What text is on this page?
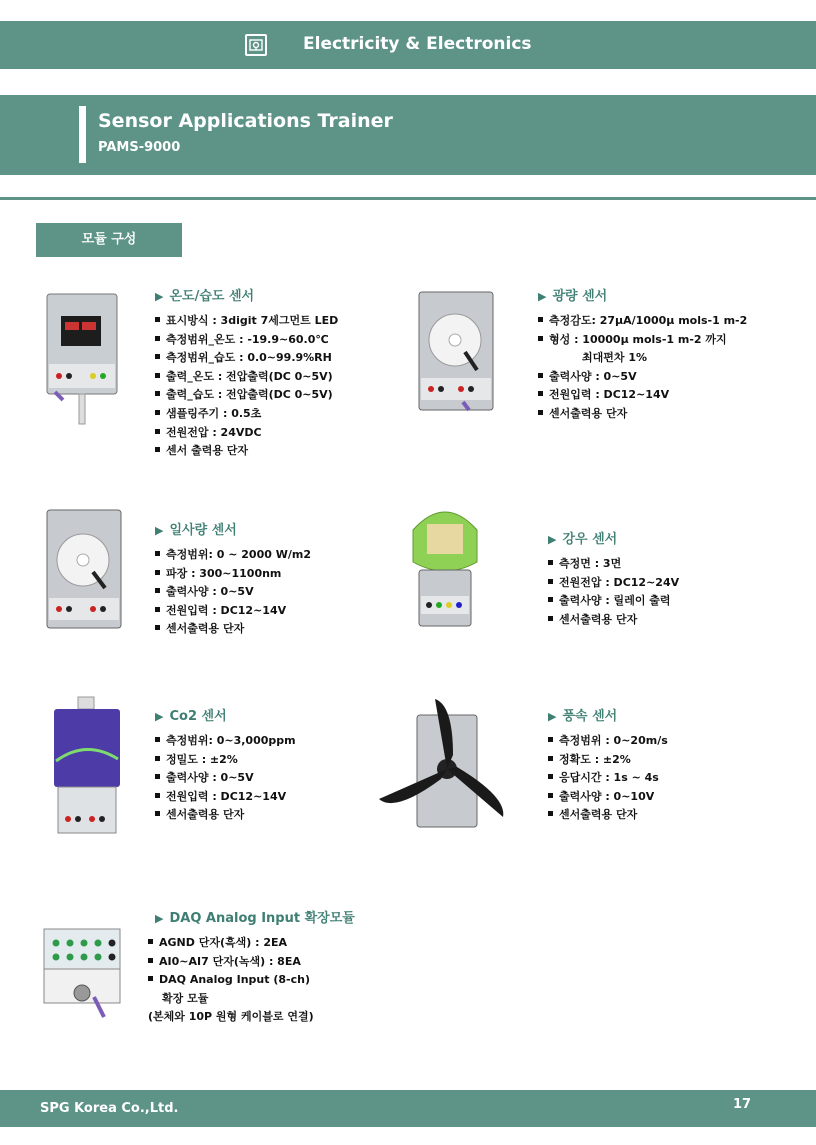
Electricity & Electronics
Sensor Applications Trainer
PAMS-9000
모듈 구성
▶ 온도/습도 센서
표시방식 : 3digit 7세그먼트 LED
측정범위_온도 : -19.9~60.0℃
측정범위_습도 : 0.0~99.9%RH
출력_온도 : 전압출력(DC 0~5V)
출력_습도 : 전압출력(DC 0~5V)
샘플링주기 : 0.5초
전원전압 : 24VDC
센서 출력용 단자
▶ 광량 센서
측정감도: 27μA/1000μ mols-1 m-2
형성 : 10000μ mols-1 m-2 까지
최대편차 1%
출력사양 : 0~5V
전원입력 : DC12~14V
센서출력용 단자
▶ 일사량 센서
측정범위: 0 ~ 2000 W/m2
파장 : 300~1100nm
출력사양 : 0~5V
전원입력 : DC12~14V
센서출력용 단자
▶ 강우 센서
측정면 : 3면
전원전압 : DC12~24V
출력사양 : 릴레이 출력
센서출력용 단자
▶ Co2 센서
측정범위: 0~3,000ppm
정밀도 : ±2%
출력사양 : 0~5V
전원입력 : DC12~14V
센서출력용 단자
▶ 풍속 센서
측정범위 : 0~20m/s
정확도 : ±2%
응답시간 : 1s ~ 4s
출력사양 : 0~10V
센서출력용 단자
▶ DAQ Analog Input 확장모듈
AGND 단자(흑색) : 2EA
AI0~AI7 단자(녹색) : 8EA
DAQ Analog Input (8-ch)
확장 모듈
(본체와 10P 원형 케이블로 연결)
SPG Korea Co.,Ltd.	17
